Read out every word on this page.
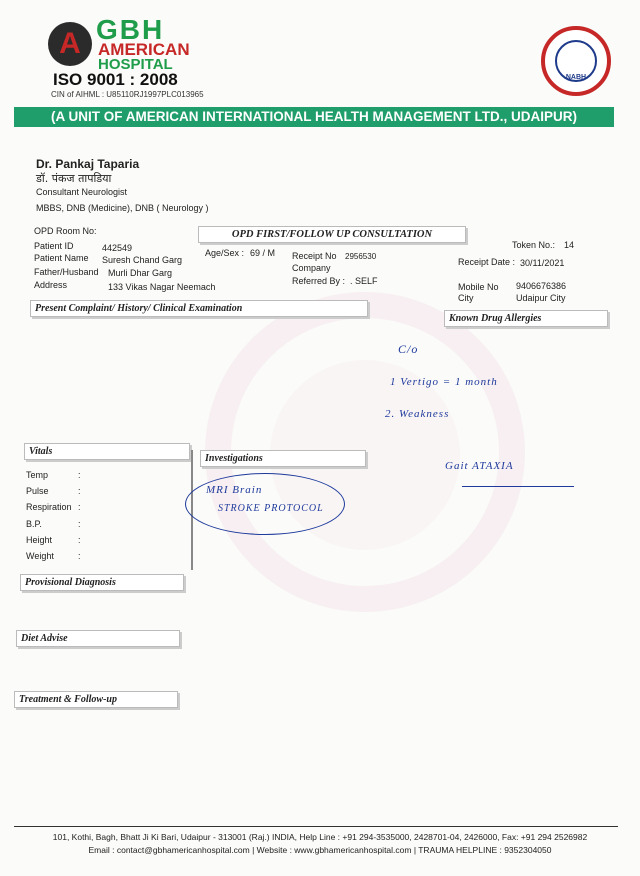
A GBH
AMERICAN
HOSPITAL
ISO 9001 : 2008
CIN of AIHML : U85110RJ1997PLC013965
NABH
(A UNIT OF AMERICAN INTERNATIONAL HEALTH MANAGEMENT LTD., UDAIPUR)
Dr. Pankaj Taparia
डॉ. पंकज तापडिया
Consultant Neurologist
MBBS, DNB (Medicine), DNB ( Neurology )
OPD Room No:	OPD FIRST/FOLLOW UP CONSULTATION
Token No.: 14
Patient ID	442549
Patient Name Suresh Chand Garg
Father/Husband Murli Dhar Garg
Address	133 Vikas Nagar Neemach
Age/Sex : 69 / M Receipt No 2956530
Company
Referred By : . SELF
Receipt Date : 30/11/2021
Mobile No 9406676386
City	Udaipur City
Present Complaint/ History/ Clinical Examination
Known Drug Allergies
Vitals
Investigations
Temp	:
Pulse	:
Respiration :
B.P.	:
Height	:
Weight	:
Provisional Diagnosis
Diet Advise
Treatment & Follow-up
C/o
1 Vertigo = 1 month
2. Weakness
Gait ATAXIA
MRI Brain
STROKE PROTOCOL
101, Kothi, Bagh, Bhatt Ji Ki Bari, Udaipur - 313001 (Raj.) INDIA, Help Line : +91 294-3535000, 2428701-04, 2426000, Fax: +91 294 2526982
Email : contact@gbhamericanhospital.com | Website : www.gbhamericanhospital.com | TRAUMA HELPLINE : 9352304050
